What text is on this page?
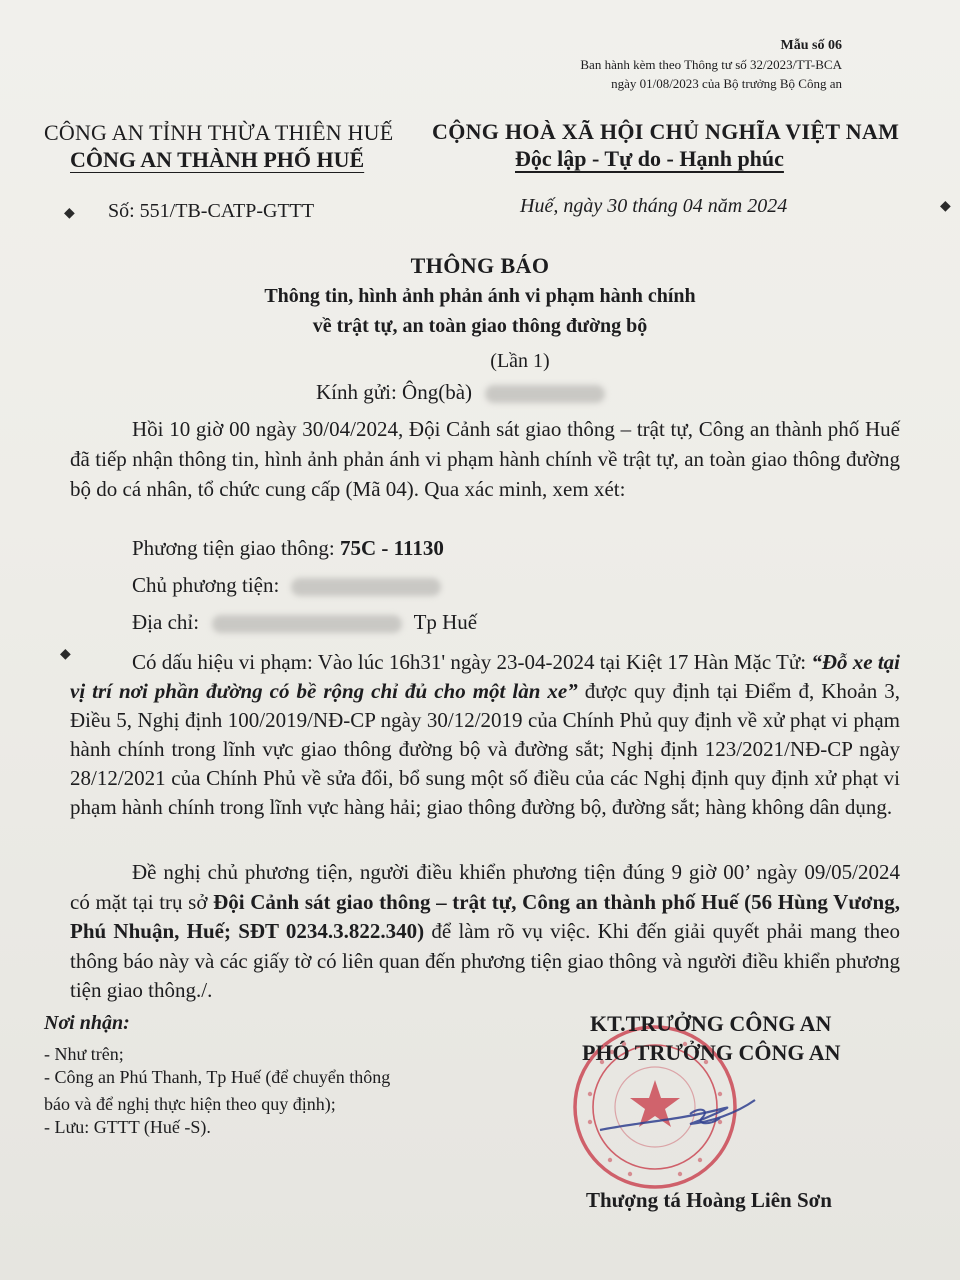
Mẫu số 06
Ban hành kèm theo Thông tư số 32/2023/TT-BCA
ngày 01/08/2023 của Bộ trưởng Bộ Công an
CÔNG AN TỈNH THỪA THIÊN HUẾ
CÔNG AN THÀNH PHỐ HUẾ
CỘNG HOÀ XÃ HỘI CHỦ NGHĨA VIỆT NAM
Độc lập - Tự do - Hạnh phúc
Số: 551/TB-CATP-GTTT	Huế, ngày 30 tháng 04 năm 2024
◆	◆
THÔNG BÁO
Thông tin, hình ảnh phản ánh vi phạm hành chính
về trật tự, an toàn giao thông đường bộ
(Lần 1)
Kính gửi: Ông(bà)
Hồi 10 giờ 00 ngày 30/04/2024, Đội Cảnh sát giao thông – trật tự, Công an thành phố Huế đã tiếp nhận thông tin, hình ảnh phản ánh vi phạm hành chính về trật tự, an toàn giao thông đường bộ do cá nhân, tổ chức cung cấp (Mã 04). Qua xác minh, xem xét:
Phương tiện giao thông: 75C - 11130
Chủ phương tiện:
Địa chỉ:	Tp Huế
◆	Có dấu hiệu vi phạm: Vào lúc 16h31' ngày 23-04-2024 tại Kiệt 17 Hàn Mặc Tử: “Đỗ xe tại vị trí nơi phần đường có bề rộng chỉ đủ cho một làn xe” được quy định tại Điểm đ, Khoản 3, Điều 5, Nghị định 100/2019/NĐ-CP ngày 30/12/2019 của Chính Phủ quy định về xử phạt vi phạm hành chính trong lĩnh vực giao thông đường bộ và đường sắt; Nghị định 123/2021/NĐ-CP ngày 28/12/2021 của Chính Phủ về sửa đổi, bổ sung một số điều của các Nghị định quy định xử phạt vi phạm hành chính trong lĩnh vực hàng hải; giao thông đường bộ, đường sắt; hàng không dân dụng.
Đề nghị chủ phương tiện, người điều khiển phương tiện đúng 9 giờ 00’ ngày 09/05/2024 có mặt tại trụ sở Đội Cảnh sát giao thông – trật tự, Công an thành phố Huế (56 Hùng Vương, Phú Nhuận, Huế; SĐT 0234.3.822.340) để làm rõ vụ việc. Khi đến giải quyết phải mang theo thông báo này và các giấy tờ có liên quan đến phương tiện giao thông và người điều khiển phương tiện giao thông./.
Nơi nhận:
- Như trên;
- Công an Phú Thanh, Tp Huế (để chuyển thông
báo và để nghị thực hiện theo quy định);
- Lưu: GTTT (Huế -S).
KT.TRƯỞNG CÔNG AN
PHÓ TRƯỞNG CÔNG AN
Thượng tá Hoàng Liên Sơn
